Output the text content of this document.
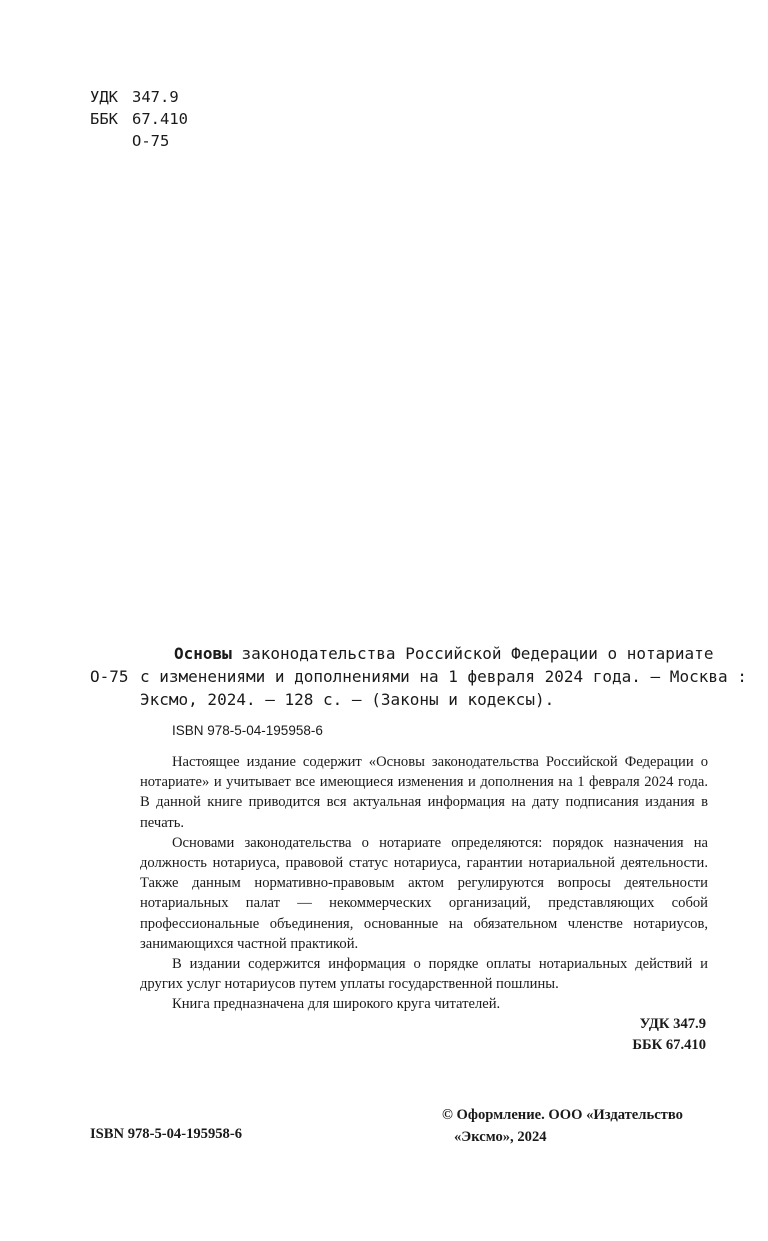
УДК 347.9
ББК 67.410
О-75
Основы законодательства Российской Федерации о нотариате
О-75 с изменениями и дополнениями на 1 февраля 2024 года. — Москва :
Эксмо, 2024. — 128 с. — (Законы и кодексы).
ISBN 978-5-04-195958-6

Настоящее издание содержит «Основы законодательства Российской Федерации о нотариате» и учитывает все имеющиеся изменения и дополнения на 1 февраля 2024 года. В данной книге приводится вся актуальная информация на дату подписания издания в печать.

Основами законодательства о нотариате определяются: порядок назначения на должность нотариуса, правовой статус нотариуса, гарантии нотариальной деятельности. Также данным нормативно-правовым актом регулируются вопросы деятельности нотариальных палат — некоммерческих организаций, представляющих собой профессиональные объединения, основанные на обязательном членстве нотариусов, занимающихся частной практикой.

В издании содержится информация о порядке оплаты нотариальных действий и других услуг нотариусов путем уплаты государственной пошлины.

Книга предназначена для широкого круга читателей.

УДК 347.9
ББК 67.410
ISBN 978-5-04-195958-6
© Оформление. ООО «Издательство
«Эксмо», 2024
